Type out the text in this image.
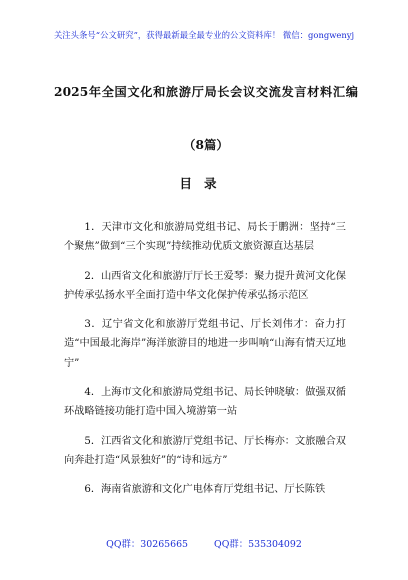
关注头条号“公文研究”，获得最新最全最专业的公文资料库！ 微信：gongwenyj
2025年全国文化和旅游厅局长会议交流发言材料汇编（8篇）
目录

1．天津市文化和旅游局党组书记、局长于鹏洲：坚持“三个聚焦”做到“三个实现”持续推动优质文旅资源直达基层

2．山西省文化和旅游厅厅长王爱琴：聚力提升黄河文化保护传承弘扬水平全面打造中华文化保护传承弘扬示范区

3．辽宁省文化和旅游厅党组书记、厅长刘伟才：奋力打造“中国最北海岸”海洋旅游目的地进一步叫响“山海有情天辽地宁”

4．上海市文化和旅游局党组书记、局长钟晓敏：做强双循环战略链接功能打造中国入境游第一站

5．江西省文化和旅游厅党组书记、厅长梅亦：文旅融合双向奔赴打造“风景独好”的“诗和远方”

6．海南省旅游和文化广电体育厅党组书记、厅长陈铁

QQ群：30265665	QQ群：535304092
